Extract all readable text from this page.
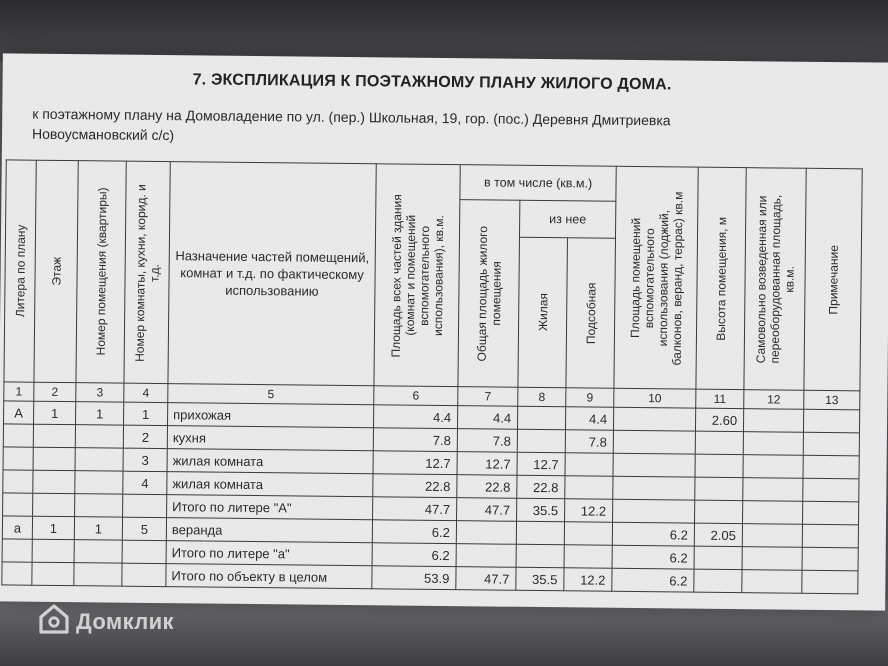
7. ЭКСПЛИКАЦИЯ К ПОЭТАЖНОМУ ПЛАНУ ЖИЛОГО ДОМА.
к поэтажному плану на Домовладение по ул. (пер.) Школьная, 19, гор. (пос.) Деревня Дмитриевка
Новоусмановский с/с)
Литера по плану	Этаж	Номер помещения (квартиры)	Номер комнаты, кухни, корид. и т.д.	Назначение частей помещений, комнат и т.д. по фактическому использованию	Площадь всех частей здания (комнат и помещений вспомогательного использования), кв.м.	в том числе (кв.м.)			Площадь помещений вспомогательного использования (лоджий, балконов, веранд, террас) кв.м	Высота помещения, м	Самовольно возведенная или переоборудованная площадь, кв.м.	Примечание

						Общая площадь жилого помещения	из нее					

							Жилая	Подсобная				

1	2	3	4	5	6	7	8	9	10	11	12	13
А	1	1	1	прихожая	4.4	4.4		4.4		2.60		
			2	кухня	7.8	7.8		7.8				
			3	жилая комната	12.7	12.7	12.7					
			4	жилая комната	22.8	22.8	22.8					
				Итого по литере "А"	47.7	47.7	35.5	12.2				
а	1	1	5	веранда	6.2				6.2	2.05		
				Итого по литере "а"	6.2				6.2			
				Итого по объекту в целом	53.9	47.7	35.5	12.2	6.2			
Домклик
